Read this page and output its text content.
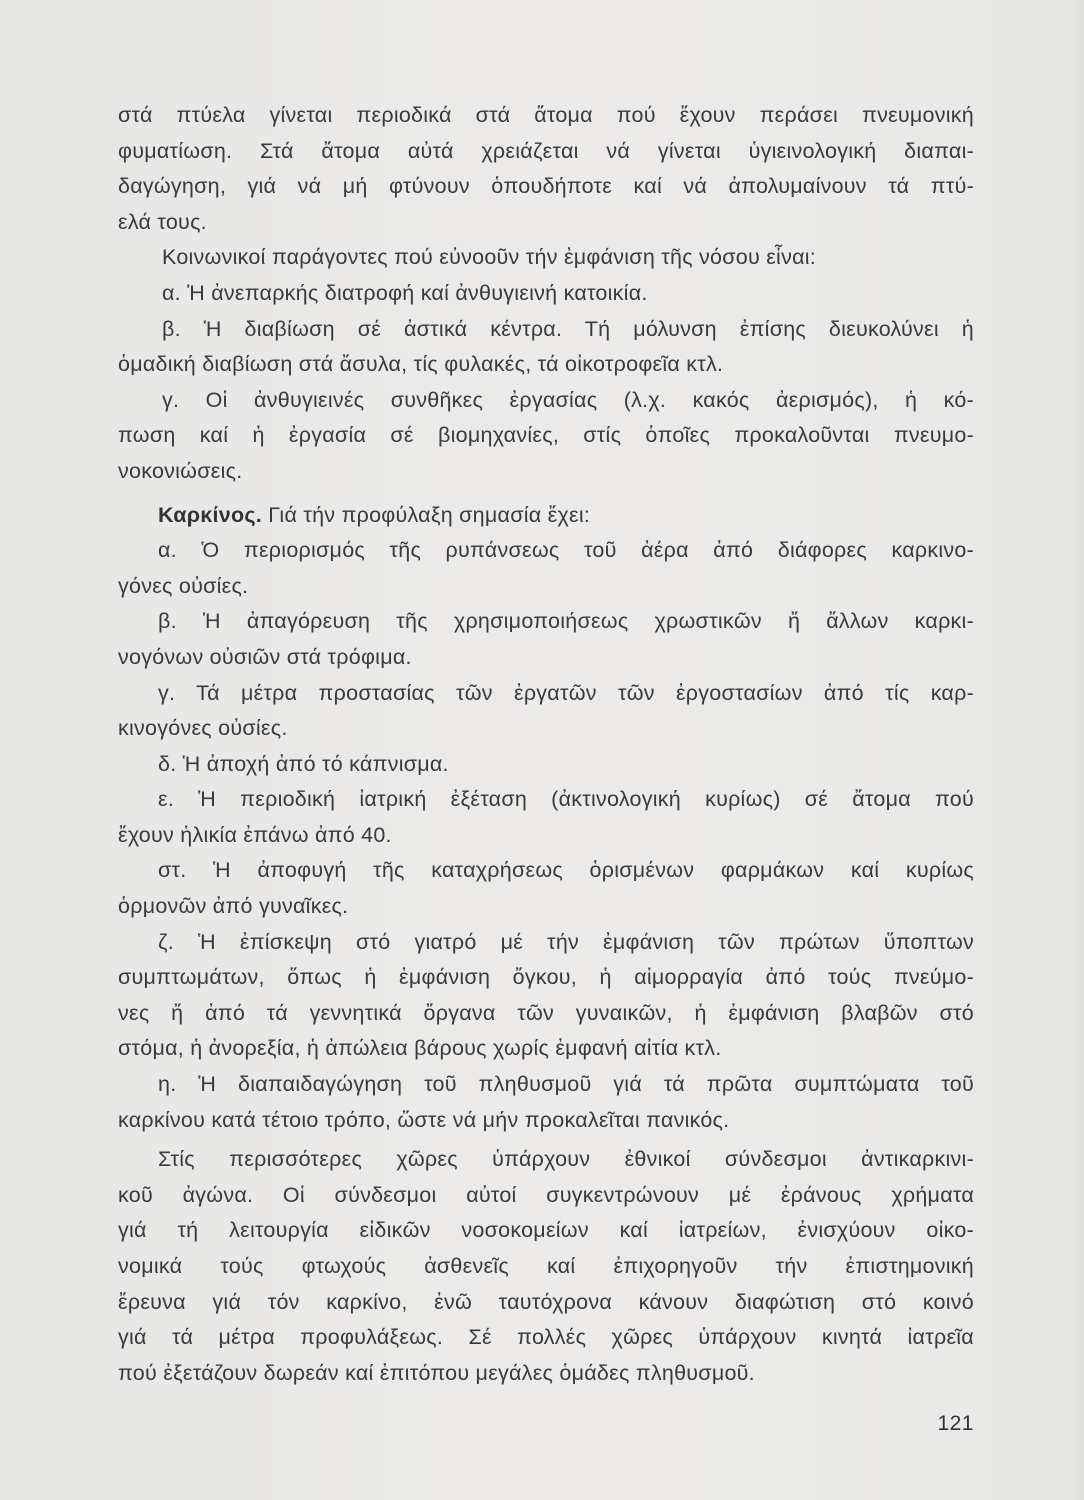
στά πτύελα γίνεται περιοδικά στά ἄτομα πού ἔχουν περάσει πνευμονική
φυματίωση. Στά ἄτομα αὐτά χρειάζεται νά γίνεται ὑγιεινολογική διαπαι-
δαγώγηση, γιά νά μή φτύνουν ὁπουδήποτε καί νά ἀπολυμαίνουν τά πτύ-
ελά τους.
Κοινωνικοί παράγοντες πού εὐνοοῦν τήν ἐμφάνιση τῆς νόσου εἶναι:
α. Ἡ ἀνεπαρκής διατροφή καί ἀνθυγιεινή κατοικία.
β. Ἡ διαβίωση σέ ἀστικά κέντρα. Τή μόλυνση ἐπίσης διευκολύνει ἡ
ὁμαδική διαβίωση στά ἄσυλα, τίς φυλακές, τά οἰκοτροφεῖα κτλ.
γ. Οἱ ἀνθυγιεινές συνθῆκες ἐργασίας (λ.χ. κακός ἀερισμός), ἡ κό-
πωση καί ἡ ἐργασία σέ βιομηχανίες, στίς ὁποῖες προκαλοῦνται πνευμο-
νοκονιώσεις.
Καρκίνος. Γιά τήν προφύλαξη σημασία ἔχει:
α. Ὁ περιορισμός τῆς ρυπάνσεως τοῦ ἀέρα ἀπό διάφορες καρκινο-
γόνες οὐσίες.
β. Ἡ ἀπαγόρευση τῆς χρησιμοποιήσεως χρωστικῶν ἤ ἄλλων καρκι-
νογόνων οὐσιῶν στά τρόφιμα.
γ. Τά μέτρα προστασίας τῶν ἐργατῶν τῶν ἐργοστασίων ἀπό τίς καρ-
κινογόνες οὐσίες.
δ. Ἡ ἀποχή ἀπό τό κάπνισμα.
ε. Ἡ περιοδική ἰατρική ἐξέταση (ἀκτινολογική κυρίως) σέ ἄτομα πού
ἔχουν ἡλικία ἐπάνω ἀπό 40.
στ. Ἡ ἀποφυγή τῆς καταχρήσεως ὁρισμένων φαρμάκων καί κυρίως
ὁρμονῶν ἀπό γυναῖκες.
ζ. Ἡ ἐπίσκεψη στό γιατρό μέ τήν ἐμφάνιση τῶν πρώτων ὕποπτων
συμπτωμάτων, ὅπως ἡ ἐμφάνιση ὄγκου, ἡ αἱμορραγία ἀπό τούς πνεύμο-
νες ἤ ἀπό τά γεννητικά ὄργανα τῶν γυναικῶν, ἡ ἐμφάνιση βλαβῶν στό
στόμα, ἡ ἀνορεξία, ἡ ἀπώλεια βάρους χωρίς ἐμφανή αἰτία κτλ.
η. Ἡ διαπαιδαγώγηση τοῦ πληθυσμοῦ γιά τά πρῶτα συμπτώματα τοῦ
καρκίνου κατά τέτοιο τρόπο, ὥστε νά μήν προκαλεῖται πανικός.
Στίς περισσότερες χῶρες ὑπάρχουν ἐθνικοί σύνδεσμοι ἀντικαρκινι-
κοῦ ἀγώνα. Οἱ σύνδεσμοι αὐτοί συγκεντρώνουν μέ ἐράνους χρήματα
γιά τή λειτουργία εἰδικῶν νοσοκομείων καί ἰατρείων, ἐνισχύουν οἰκο-
νομικά τούς φτωχούς ἀσθενεῖς καί ἐπιχορηγοῦν τήν ἐπιστημονική
ἔρευνα γιά τόν καρκίνο, ἐνῶ ταυτόχρονα κάνουν διαφώτιση στό κοινό
γιά τά μέτρα προφυλάξεως. Σέ πολλές χῶρες ὑπάρχουν κινητά ἰατρεῖα
πού ἐξετάζουν δωρεάν καί ἐπιτόπου μεγάλες ὁμάδες πληθυσμοῦ.
121
